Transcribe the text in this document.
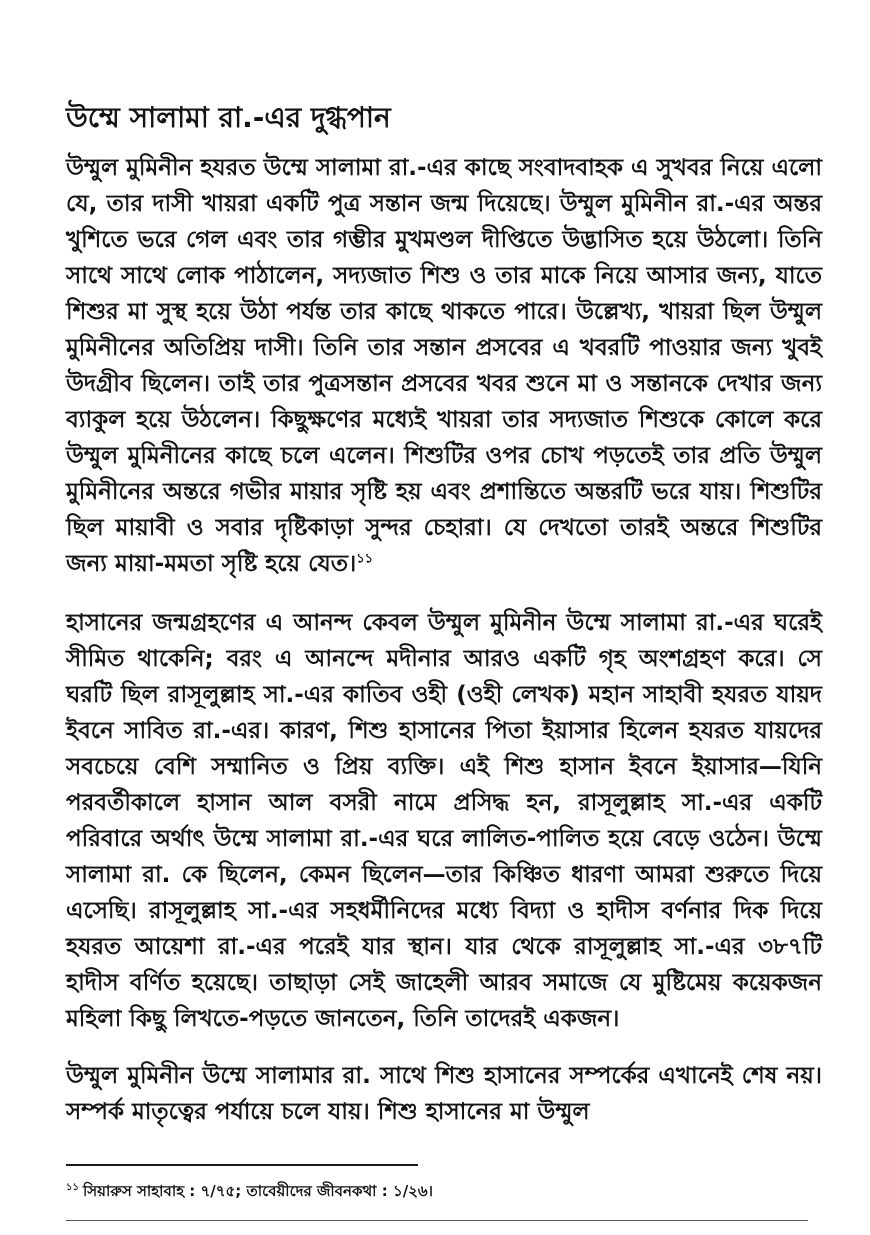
উম্মে সালামা রা.-এর দুগ্ধপান

উম্মুল মুমিনীন হযরত উম্মে সালামা রা.-এর কাছে সংবাদবাহক এ সুখবর নিয়ে এলো যে, তার দাসী খায়রা একটি পুত্র সন্তান জন্ম দিয়েছে। উম্মুল মুমিনীন রা.-এর অন্তর খুশিতে ভরে গেল এবং তার গম্ভীর মুখমণ্ডল দীপ্তিতে উদ্ভাসিত হয়ে উঠলো। তিনি সাথে সাথে লোক পাঠালেন, সদ্যজাত শিশু ও তার মাকে নিয়ে আসার জন্য, যাতে শিশুর মা সুস্থ হয়ে উঠা পর্যন্ত তার কাছে থাকতে পারে। উল্লেখ্য, খায়রা ছিল উম্মুল মুমিনীনের অতিপ্রিয় দাসী। তিনি তার সন্তান প্রসবের এ খবরটি পাওয়ার জন্য খুবই উদগ্রীব ছিলেন। তাই তার পুত্রসন্তান প্রসবের খবর শুনে মা ও সন্তানকে দেখার জন্য ব্যাকুল হয়ে উঠলেন। কিছুক্ষণের মধ্যেই খায়রা তার সদ্যজাত শিশুকে কোলে করে উম্মুল মুমিনীনের কাছে চলে এলেন। শিশুটির ওপর চোখ পড়তেই তার প্রতি উম্মুল মুমিনীনের অন্তরে গভীর মায়ার সৃষ্টি হয় এবং প্রশান্তিতে অন্তরটি ভরে যায়। শিশুটির ছিল মায়াবী ও সবার দৃষ্টিকাড়া সুন্দর চেহারা। যে দেখতো তারই অন্তরে শিশুটির জন্য মায়া-মমতা সৃষ্টি হয়ে যেত।$^{১১}$

হাসানের জন্মগ্রহণের এ আনন্দ কেবল উম্মুল মুমিনীন উম্মে সালামা রা.-এর ঘরেই সীমিত থাকেনি; বরং এ আনন্দে মদীনার আরও একটি গৃহ অংশগ্রহণ করে। সে ঘরটি ছিল রাসূলুল্লাহ সা.-এর কাতিব ওহী (ওহী লেখক) মহান সাহাবী হযরত যায়দ ইবনে সাবিত রা.-এর। কারণ, শিশু হাসানের পিতা ইয়াসার হিলেন হযরত যায়দের সবচেয়ে বেশি সম্মানিত ও প্রিয় ব্যক্তি। এই শিশু হাসান ইবনে ইয়াসার—যিনি পরবর্তীকালে হাসান আল বসরী নামে প্রসিদ্ধ হন, রাসূলুল্লাহ সা.-এর একটি পরিবারে অর্থাৎ উম্মে সালামা রা.-এর ঘরে লালিত-পালিত হয়ে বেড়ে ওঠেন। উম্মে সালামা রা. কে ছিলেন, কেমন ছিলেন—তার কিঞ্চিত ধারণা আমরা শুরুতে দিয়ে এসেছি। রাসূলুল্লাহ সা.-এর সহধর্মীনিদের মধ্যে বিদ্যা ও হাদীস বর্ণনার দিক দিয়ে হযরত আয়েশা রা.-এর পরেই যার স্থান। যার থেকে রাসূলুল্লাহ সা.-এর ৩৮৭টি হাদীস বর্ণিত হয়েছে। তাছাড়া সেই জাহেলী আরব সমাজে যে মুষ্টিমেয় কয়েকজন মহিলা কিছু লিখতে-পড়তে জানতেন, তিনি তাদেরই একজন।

উম্মুল মুমিনীন উম্মে সালামার রা. সাথে শিশু হাসানের সম্পর্কের এখানেই শেষ নয়। সম্পর্ক মাতৃত্বের পর্যায়ে চলে যায়। শিশু হাসানের মা উম্মুল

$^{১১}$ সিয়ারুস সাহাবাহ : ৭/৭৫; তাবেয়ীদের জীবনকথা : ১/২৬।
